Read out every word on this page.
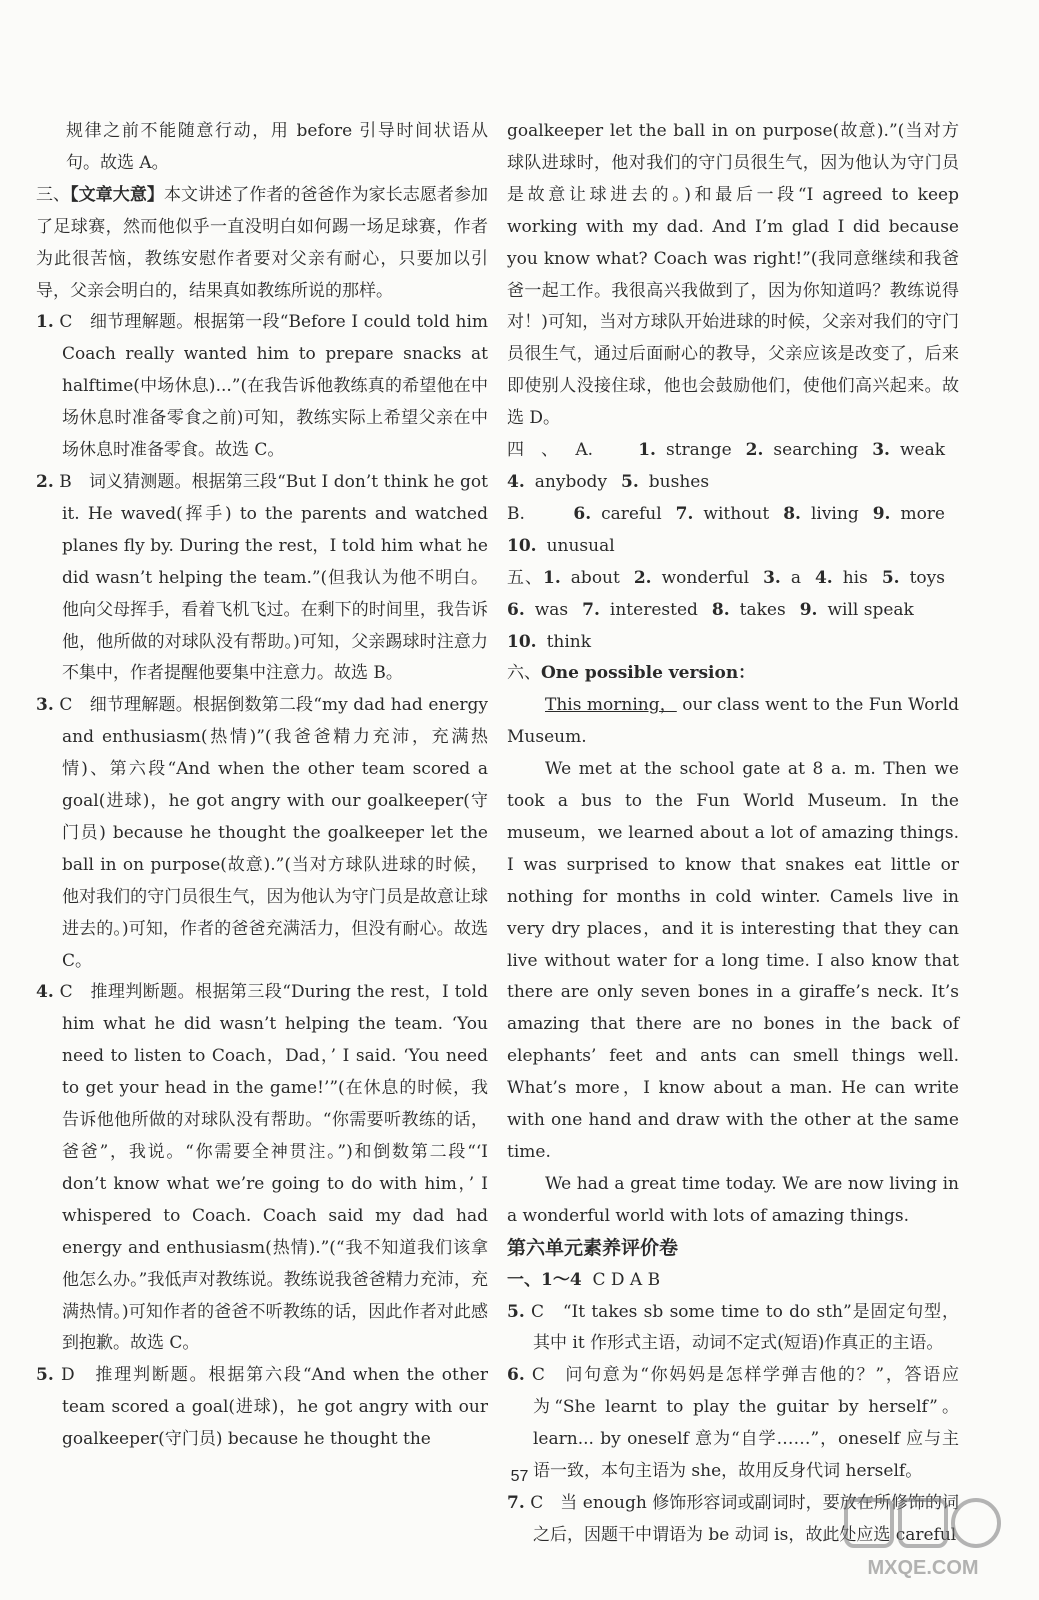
规律之前不能随意行动，用 before 引导时间状语从句。故选 A。

三、【文章大意】本文讲述了作者的爸爸作为家长志愿者参加了足球赛，然而他似乎一直没明白如何踢一场足球赛，作者为此很苦恼，教练安慰作者要对父亲有耐心，只要加以引导，父亲会明白的，结果真如教练所说的那样。

1. C　细节理解题。根据第一段“Before I could told him Coach really wanted him to prepare snacks at halftime(中场休息)...”(在我告诉他教练真的希望他在中场休息时准备零食之前)可知，教练实际上希望父亲在中场休息时准备零食。故选 C。

2. B　词义猜测题。根据第三段“But I don’t think he got it. He waved(挥手) to the parents and watched planes fly by. During the rest，I told him what he did wasn’t helping the team.”(但我认为他不明白。他向父母挥手，看着飞机飞过。在剩下的时间里，我告诉他，他所做的对球队没有帮助。)可知，父亲踢球时注意力不集中，作者提醒他要集中注意力。故选 B。

3. C　细节理解题。根据倒数第二段“my dad had energy and enthusiasm(热情)”(我爸爸精力充沛，充满热情)、第六段“And when the other team scored a goal(进球)，he got angry with our goalkeeper(守门员) because he thought the goalkeeper let the ball in on purpose(故意).”(当对方球队进球的时候，他对我们的守门员很生气，因为他认为守门员是故意让球进去的。)可知，作者的爸爸充满活力，但没有耐心。故选 C。

4. C　推理判断题。根据第三段“During the rest，I told him what he did wasn’t helping the team. ‘You need to listen to Coach，Dad，’ I said. ‘You need to get your head in the game!’”(在休息的时候，我告诉他他所做的对球队没有帮助。“你需要听教练的话，爸爸”，我说。“你需要全神贯注。”)和倒数第二段“‘I don’t know what we’re going to do with him，’ I whispered to Coach. Coach said my dad had energy and enthusiasm(热情).”(“我不知道我们该拿他怎么办。”我低声对教练说。教练说我爸爸精力充沛，充满热情。)可知作者的爸爸不听教练的话，因此作者对此感到抱歉。故选 C。

5. D　推理判断题。根据第六段“And when the other team scored a goal(进球)，he got angry with our goalkeeper(守门员) because he thought the

goalkeeper let the ball in on purpose(故意).”(当对方球队进球时，他对我们的守门员很生气，因为他认为守门员是故意让球进去的。)和最后一段“I agreed to keep working with my dad. And I’m glad I did because you know what? Coach was right!”(我同意继续和我爸爸一起工作。我很高兴我做到了，因为你知道吗？教练说得对！)可知，当对方球队开始进球的时候，父亲对我们的守门员很生气，通过后面耐心的教导，父亲应该是改变了，后来即使别人没接住球，他也会鼓励他们，使他们高兴起来。故选 D。

四、A.	1. strange 2. searching 3. weak4. anybody 5. bushes

B.	6. careful 7. without 8. living 9. more10. unusual

五、1. about 2. wonderful 3. a 4. his 5. toys6. was 7. interested 8. takes 9. will speak10. think

六、One possible version：

This morning， our class went to the Fun World Museum.

We met at the school gate at 8 a. m. Then we took a bus to the Fun World Museum. In the museum，we learned about a lot of amazing things. I was surprised to know that snakes eat little or nothing for months in cold winter. Camels live in very dry places，and it is interesting that they can live without water for a long time. I also know that there are only seven bones in a giraffe’s neck. It’s amazing that there are no bones in the back of elephants’ feet and ants can smell things well. What’s more，I know about a man. He can write with one hand and draw with the other at the same time.

We had a great time today. We are now living in a wonderful world with lots of amazing things.

第六单元素养评价卷

一、1～4 C D A B

5. C　“It takes sb some time to do sth”是固定句型，其中 it 作形式主语，动词不定式(短语)作真正的主语。

6. C　问句意为“你妈妈是怎样学弹吉他的？”，答语应为“She learnt to play the guitar by herself”。learn... by oneself 意为“自学……”，oneself 应与主语一致，本句主语为 she，故用反身代词 herself。

7. C　当 enough 修饰形容词或副词时，要放在所修饰的词之后，因题干中谓语为 be 动词 is，故此处应选 careful

57
MXQE.COM
